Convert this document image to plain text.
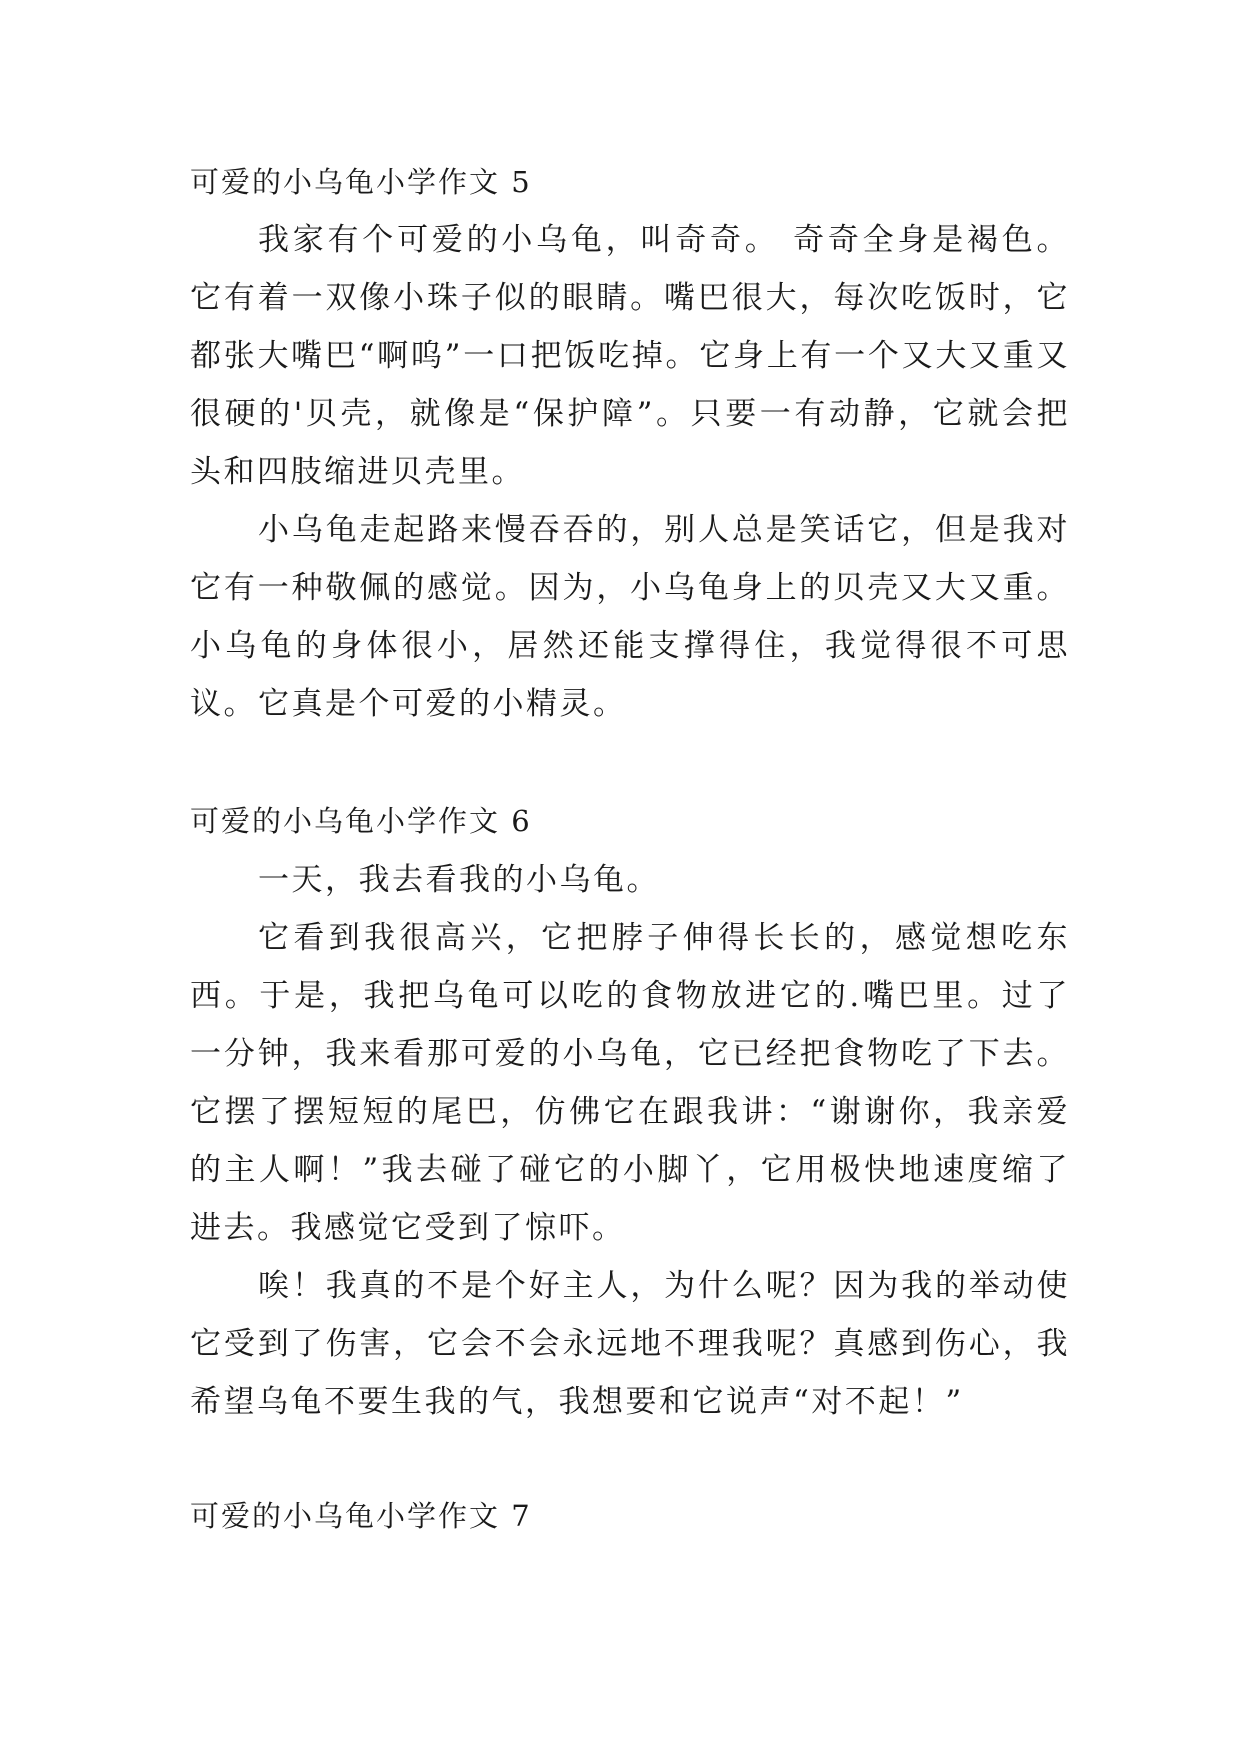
可爱的小乌龟小学作文 5

我家有个可爱的小乌龟，叫奇奇。 奇奇全身是褐色。它有着一双像小珠子似的眼睛。嘴巴很大，每次吃饭时，它都张大嘴巴“啊呜”一口把饭吃掉。它身上有一个又大又重又很硬的'贝壳，就像是“保护障”。只要一有动静，它就会把头和四肢缩进贝壳里。

小乌龟走起路来慢吞吞的，别人总是笑话它，但是我对它有一种敬佩的感觉。因为，小乌龟身上的贝壳又大又重。小乌龟的身体很小，居然还能支撑得住，我觉得很不可思议。 它真是个可爱的小精灵。

可爱的小乌龟小学作文 6

一天，我去看我的小乌龟。

它看到我很高兴，它把脖子伸得长长的，感觉想吃东西。于是，我把乌龟可以吃的食物放进它的.嘴巴里。过了一分钟，我来看那可爱的小乌龟，它已经把食物吃了下去。它摆了摆短短的尾巴，仿佛它在跟我讲：“谢谢你，我亲爱的主人啊！”我去碰了碰它的小脚丫，它用极快地速度缩了进去。我感觉它受到了惊吓。

唉！我真的不是个好主人，为什么呢？因为我的举动使它受到了伤害，它会不会永远地不理我呢？真感到伤心，我希望乌龟不要生我的气，我想要和它说声“对不起！”

可爱的小乌龟小学作文 7
